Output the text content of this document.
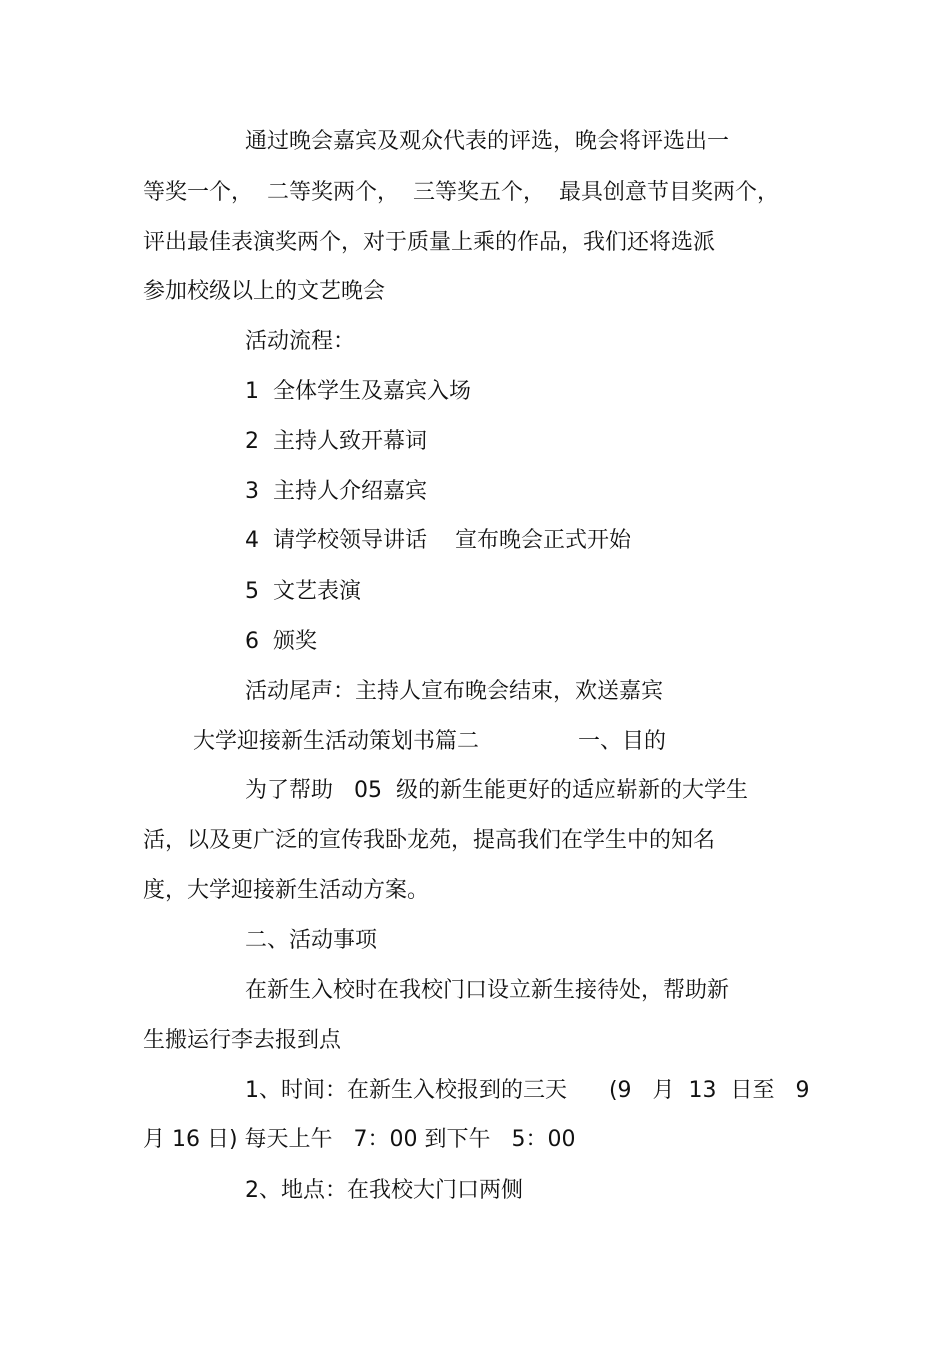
通过晚会嘉宾及观众代表的评选，晚会将评选出一
等奖一个，  二等奖两个，  三等奖五个，  最具创意节目奖两个，
评出最佳表演奖两个，对于质量上乘的作品，我们还将选派
参加校级以上的文艺晚会
活动流程：
1  全体学生及嘉宾入场
2  主持人致开幕词
3  主持人介绍嘉宾
4  请学校领导讲话    宣布晚会正式开始
5  文艺表演
6  颁奖
活动尾声：主持人宣布晚会结束，欢送嘉宾
大学迎接新生活动策划书篇二	一、目的
为了帮助   05  级的新生能更好的适应崭新的大学生
活，以及更广泛的宣传我卧龙苑，提高我们在学生中的知名
度，大学迎接新生活动方案。
二、活动事项
在新生入校时在我校门口设立新生接待处，帮助新
生搬运行李去报到点
1、时间：在新生入校报到的三天      (9   月  13  日至   9
月 16 日) 每天上午   7：00 到下午   5：00
2、地点：在我校大门口两侧
